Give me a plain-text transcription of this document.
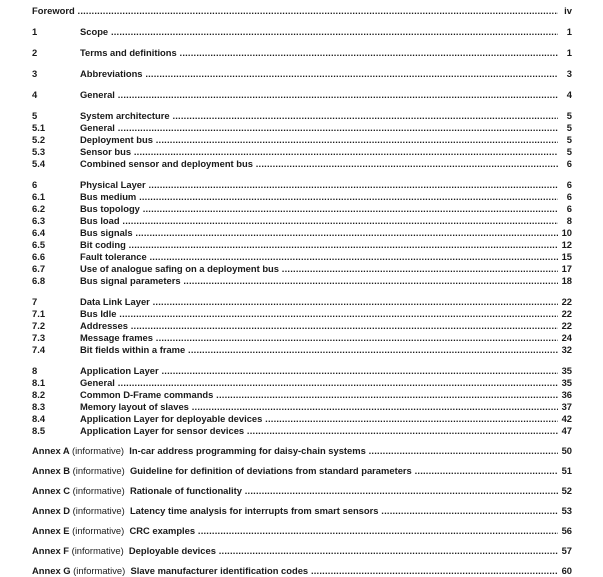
Foreword .....	iv
1	Scope .....	1
2	Terms and definitions .....	1
3	Abbreviations .....	3
4	General .....	4
5	System architecture .....	5
5.1	General .....	5
5.2	Deployment bus .....	5
5.3	Sensor bus .....	5
5.4	Combined sensor and deployment bus .....	6
6	Physical Layer .....	6
6.1	Bus medium .....	6
6.2	Bus topology .....	6
6.3	Bus load .....	8
6.4	Bus signals .....	10
6.5	Bit coding .....	12
6.6	Fault tolerance .....	15
6.7	Use of analogue safing on a deployment bus .....	17
6.8	Bus signal parameters .....	18
7	Data Link Layer .....	22
7.1	Bus Idle .....	22
7.2	Addresses .....	22
7.3	Message frames .....	24
7.4	Bit fields within a frame .....	32
8	Application Layer .....	35
8.1	General .....	35
8.2	Common D-Frame commands .....	36
8.3	Memory layout of slaves .....	37
8.4	Application Layer for deployable devices .....	42
8.5	Application Layer for sensor devices .....	47
Annex A (informative) In-car address programming for daisy-chain systems .....	50
Annex B (informative) Guideline for definition of deviations from standard parameters .....	51
Annex C (informative) Rationale of functionality .....	52
Annex D (informative) Latency time analysis for interrupts from smart sensors .....	53
Annex E (informative) CRC examples .....	56
Annex F (informative) Deployable devices .....	57
Annex G (informative) Slave manufacturer identification codes .....	60
